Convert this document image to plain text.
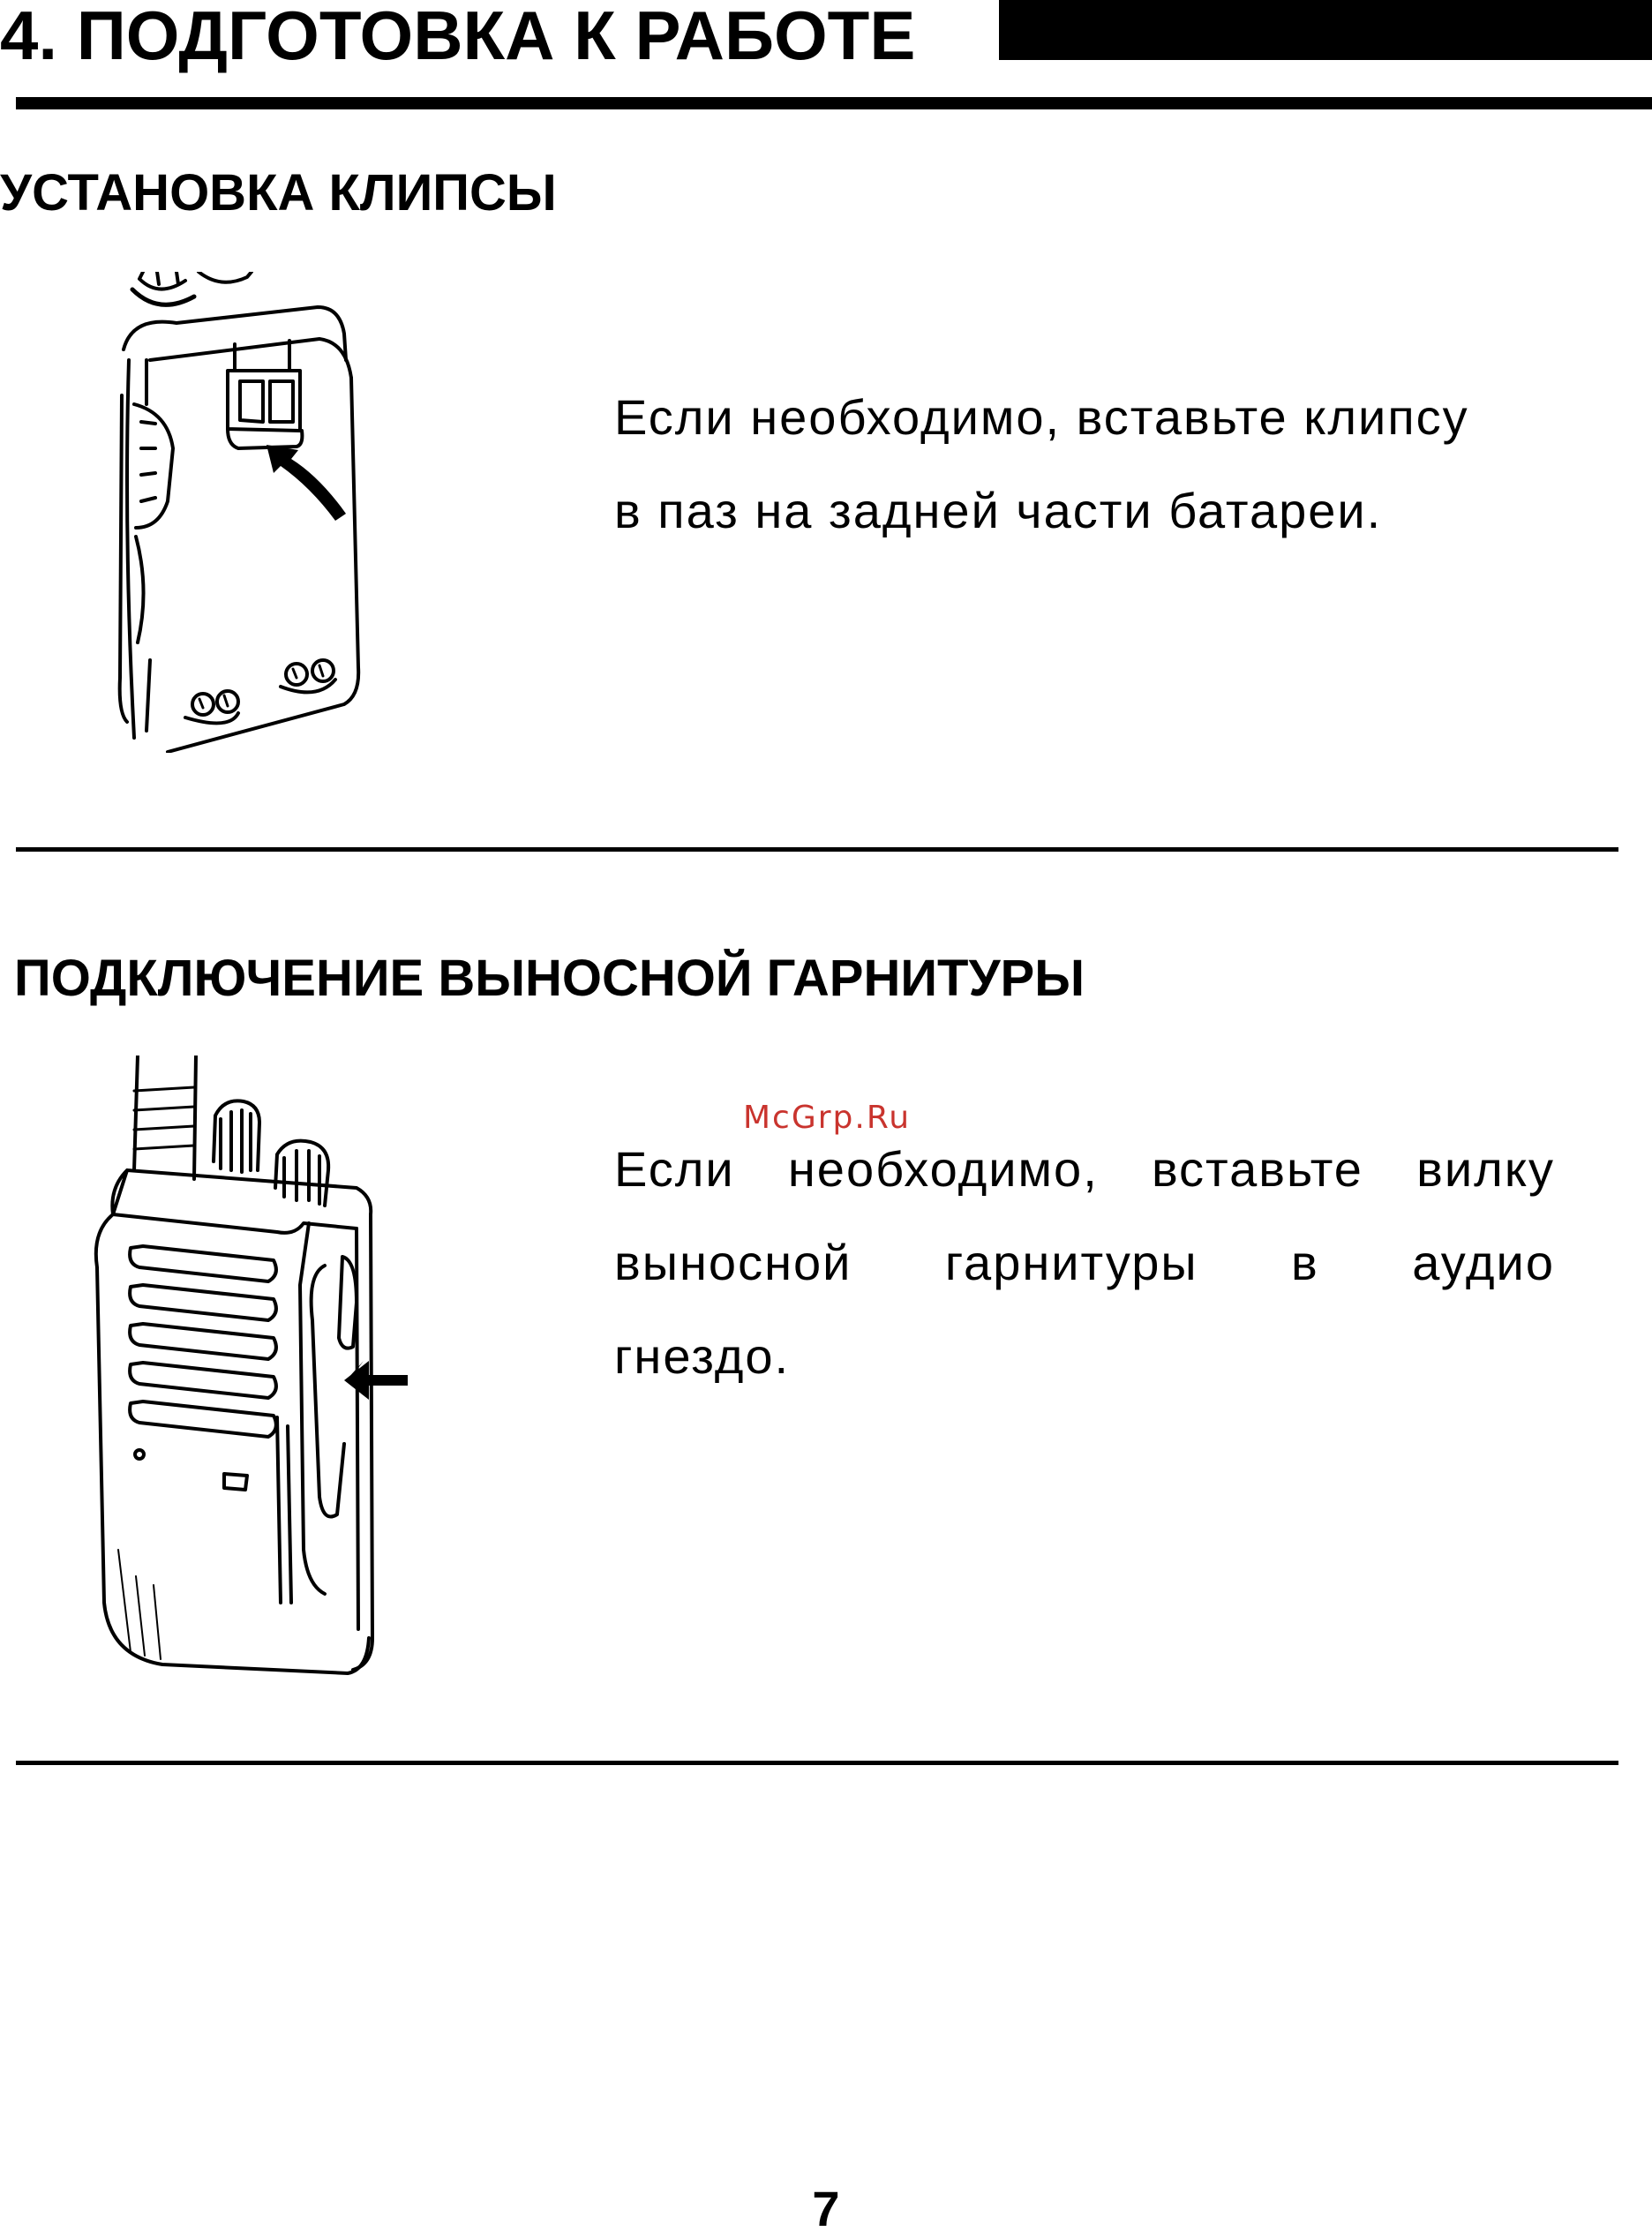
4. ПОДГОТОВКА К РАБОТЕ
УСТАНОВКА КЛИПСЫ
Если необходимо, вставьте клипсу
в паз на задней части батареи.
ПОДКЛЮЧЕНИЕ ВЫНОСНОЙ ГАРНИТУРЫ
McGrp.Ru
Если необходимо, вставьте вилку
выносной гарнитуры в аудио
гнездо.
7
